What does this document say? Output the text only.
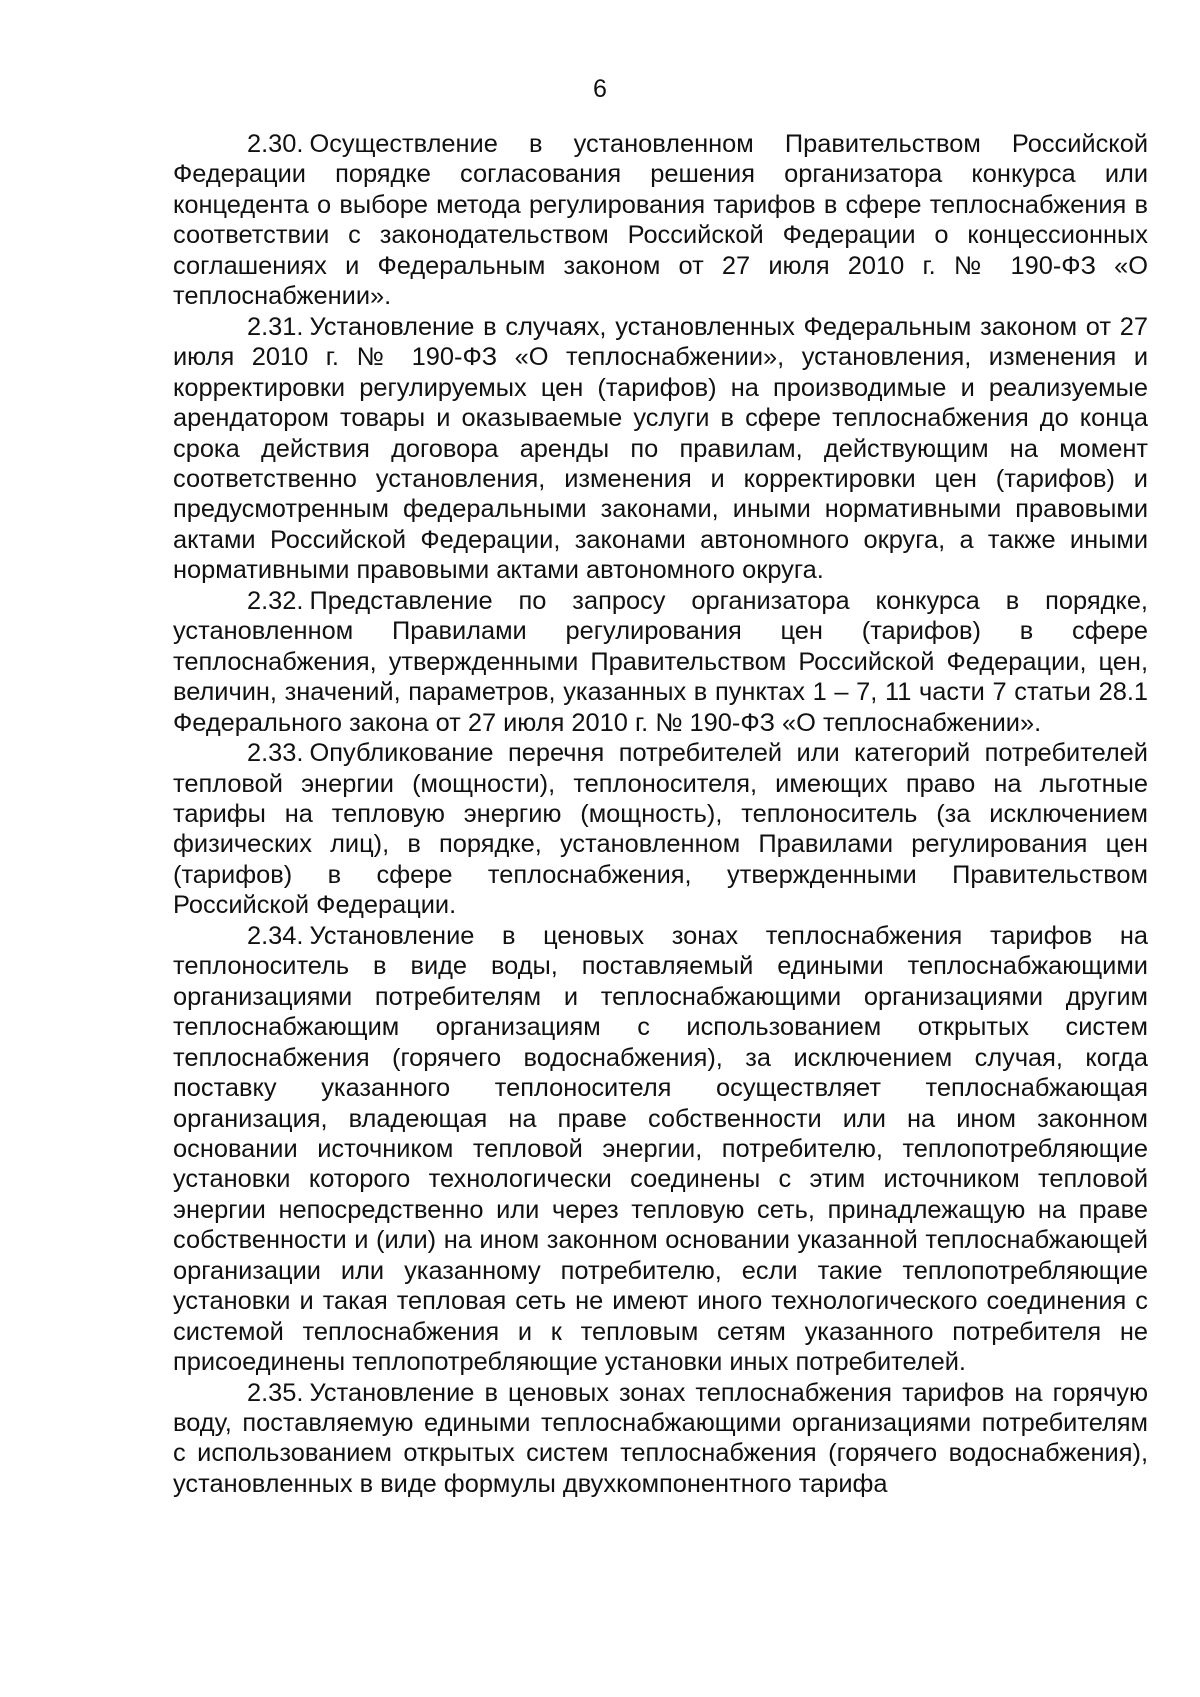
6

2.30. Осуществление в установленном Правительством Российской Федерации порядке согласования решения организатора конкурса или концедента о выборе метода регулирования тарифов в сфере теплоснабжения в соответствии с законодательством Российской Федерации о концессионных соглашениях и Федеральным законом от 27 июля 2010 г. № 190-ФЗ «О теплоснабжении».

2.31. Установление в случаях, установленных Федеральным законом от 27 июля 2010 г. № 190-ФЗ «О теплоснабжении», установления, изменения и корректировки регулируемых цен (тарифов) на производимые и реализуемые арендатором товары и оказываемые услуги в сфере теплоснабжения до конца срока действия договора аренды по правилам, действующим на момент соответственно установления, изменения и корректировки цен (тарифов) и предусмотренным федеральными законами, иными нормативными правовыми актами Российской Федерации, законами автономного округа, а также иными нормативными правовыми актами автономного округа.

2.32. Представление по запросу организатора конкурса в порядке, установленном Правилами регулирования цен (тарифов) в сфере теплоснабжения, утвержденными Правительством Российской Федерации, цен, величин, значений, параметров, указанных в пунктах 1 – 7, 11 части 7 статьи 28.1 Федерального закона от 27 июля 2010 г. № 190-ФЗ «О теплоснабжении».

2.33. Опубликование перечня потребителей или категорий потребителей тепловой энергии (мощности), теплоносителя, имеющих право на льготные тарифы на тепловую энергию (мощность), теплоноситель (за исключением физических лиц), в порядке, установленном Правилами регулирования цен (тарифов) в сфере теплоснабжения, утвержденными Правительством Российской Федерации.

2.34. Установление в ценовых зонах теплоснабжения тарифов на теплоноситель в виде воды, поставляемый едиными теплоснабжающими организациями потребителям и теплоснабжающими организациями другим теплоснабжающим организациям с использованием открытых систем теплоснабжения (горячего водоснабжения), за исключением случая, когда поставку указанного теплоносителя осуществляет теплоснабжающая организация, владеющая на праве собственности или на ином законном основании источником тепловой энергии, потребителю, теплопотребляющие установки которого технологически соединены с этим источником тепловой энергии непосредственно или через тепловую сеть, принадлежащую на праве собственности и (или) на ином законном основании указанной теплоснабжающей организации или указанному потребителю, если такие теплопотребляющие установки и такая тепловая сеть не имеют иного технологического соединения с системой теплоснабжения и к тепловым сетям указанного потребителя не присоединены теплопотребляющие установки иных потребителей.

2.35. Установление в ценовых зонах теплоснабжения тарифов на горячую воду, поставляемую едиными теплоснабжающими организациями потребителям с использованием открытых систем теплоснабжения (горячего водоснабжения), установленных в виде формулы двухкомпонентного тарифа
